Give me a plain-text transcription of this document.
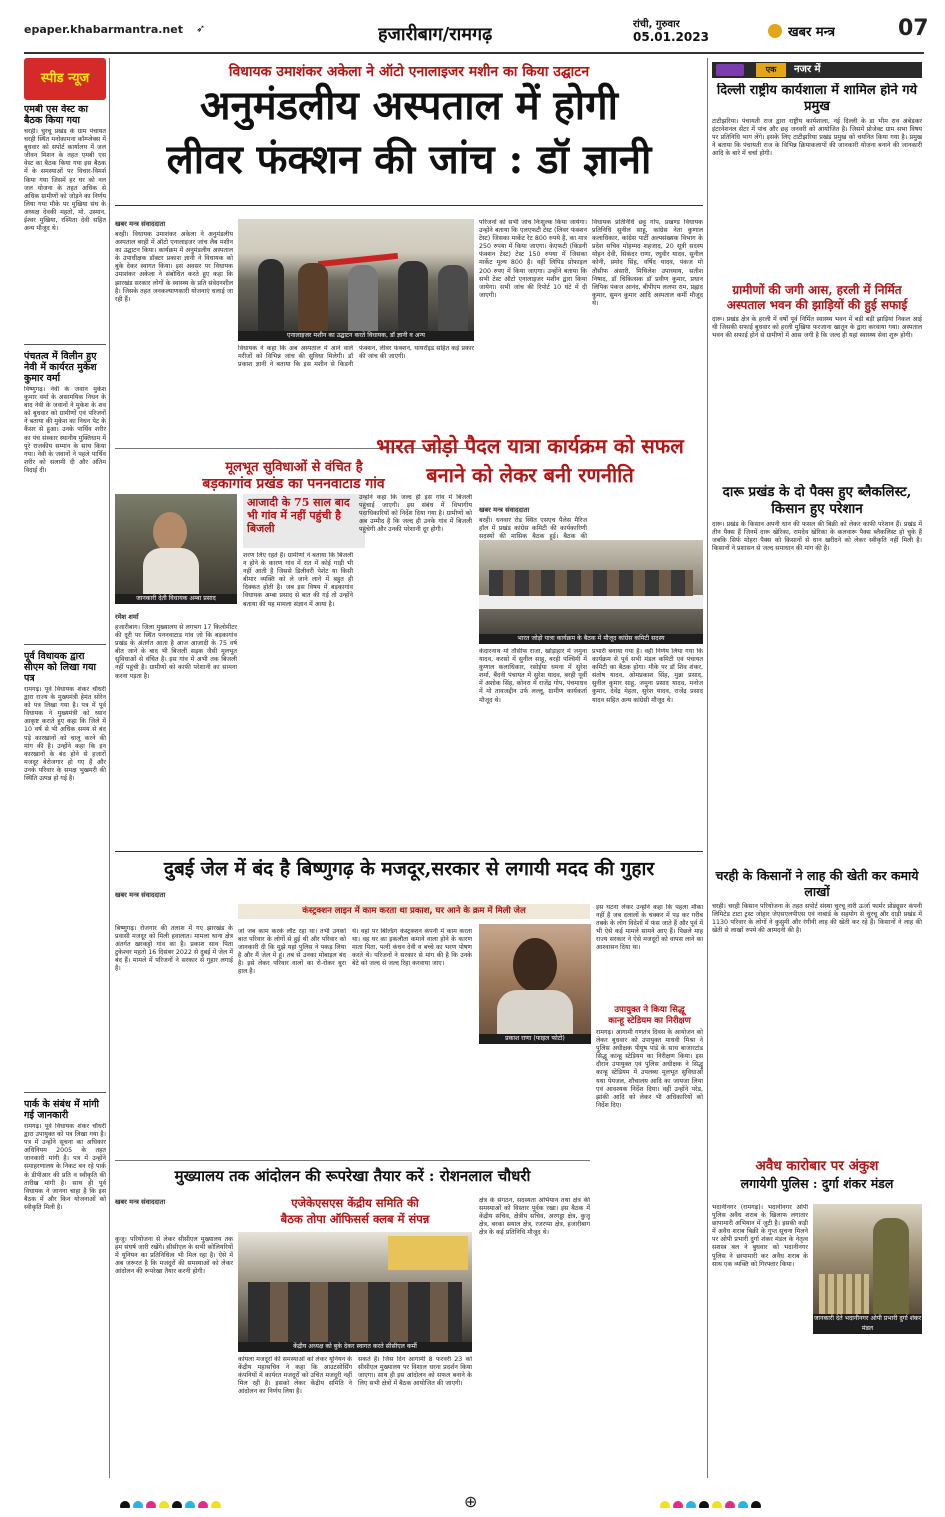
epaper.khabarmantra.net ➶	हजारीबाग/रामगढ़	रांची, गुरुवार
05.01.2023	खबर मन्त्र	07
स्पीड न्यूज
एमबी एस वेस्ट का बैठक किया गया
चरही। चुरचू प्रखंड के ग्राम पंचायत चरही स्थित मनोकामना कॉम्प्लेक्स में बुधवार को सपोर्ट कार्यालय में जल जीवन मिशन के तहत एमबी एस वेस्ट का बैठक किया गया इस बैठक में के समस्याओं पर विचार-विमर्श किया गया जिसमें हर घर को नल जल योजना के तहत अधिक से अधिक ग्रामीणों को जोड़ने का निर्णय लिया गया मौके पर मुखिया संघ के अध्यक्ष देवकी महतो, मो. उस्मान, ईश्वर मुखिया, रश्मिता देवी सहित अन्य मौजूद थे।
पंचतत्व में विलीन हुए नेवी में कार्यरत मुकेश कुमार वर्मा
विष्णुगढ़। नेवी के जवान मुकेश कुमार वर्मा के असामयिक निधन के बाद नेवी के जवानों ने मुकेश के शव को बुधवार को ग्रामीणों एवं परिजनों ने बताया की मुकेश का निधन पेट के कैंसर से हुआ। उनके पार्थिव शरीर का पंच संस्कार स्थानीय मुक्तिधाम में पूरे राजकीय सम्मान के साथ किया गया। नेवी के जवानों ने पहले पार्थिव शरीर को सलामी दी और अंतिम विदाई दी।
पूर्व विधायक द्वारा सीएम को लिखा गया पत्र
रामगढ़। पूर्व विधायक शंकर चौधरी द्वारा राज्य के मुख्यमंत्री हेमंत सोरेन को पत्र लिखा गया है। पत्र में पूर्व विधायक ने मुख्यमंत्री को ध्यान आकृष्ट कराते हुए कहा कि जिले में 10 वर्ष से भी अधिक समय से बंद पड़े कारखानों को चालू करने की मांग की है। उन्होंने कहा कि इन कारखानों के बंद होने से हजारों मजदूर बेरोजगार हो गए हैं और उनके परिवार के समक्ष भुखमरी की स्थिति उत्पन्न हो गई है।
पार्क के संबंध में मांगी गई जानकारी
रामगढ़। पूर्व विधायक शंकर चौधरी द्वारा उपायुक्त को पत्र लिखा गया है। पत्र में उन्होंने सूचना का अधिकार अधिनियम 2005 के तहत जानकारी मांगी है। पत्र में उन्होंने समाहरणालय के निकट बन रहे पार्क के डीपीआर की प्रति व स्वीकृति की तारीख मांगी है। साथ ही पूर्व विधायक ने जानना चाहा है कि इस बैठक में और किन योजनाओं को स्वीकृति मिली है।
विधायक उमाशंकर अकेला ने ऑटो एनालाइजर मशीन का किया उद्घाटन
अनुमंडलीय अस्पताल में होगी
लीवर फंक्शन की जांच : डॉ ज्ञानी
खबर मन्त्र संवाददाता
बरही। विधायक उमाशंकर अकेला ने अनुमंडलीय अस्पताल बरही में ऑटो एनालाइजर जांच लैब मशीन का उद्घाटन किया। कार्यक्रम में अनुमंडलीय अस्पताल के उपाधीक्षक डॉक्टर प्रकाश ज्ञानी ने विधायक को बुके देकर स्वागत किया। इस अवसर पर विधायक उमाशंकर अकेला ने संबोधित करते हुए कहा कि झारखंड सरकार लोगों के स्वास्थ्य के प्रति संवेदनशील है। जिसके तहत जनकल्याणकारी योजनाएं चलाई जा रही हैं।
एनालाइजर मशीन का उद्घाटन करते विधायक, डॉ ज्ञानी व अन्य
विधायक ने कहा कि अब अस्पताल में आने वाले मरीजों को विभिन्न जांच की सुविधा मिलेगी। डॉ प्रकाश ज्ञानी ने बताया कि इस मशीन से किडनी फंक्शन, लीवर फंक्शन, थायरॉइड सहित कई प्रकार की जांच की जाएगी।
परिजनों को सभी जांच निःशुल्क किया जायेगा। उन्होंने बताया कि एलएफटी टेस्ट (लिवर फंक्शन टेस्ट) जिसका मार्केट रेट 800 रुपये है, का मात्र 250 रुपया में किया जाएगा। केएफटी (किडनी फंक्शन टेस्ट) टेस्ट 150 रुपया में जिसका मार्केट मूल्य 800 है। वहीं लिपिड प्रोफाइल 200 रुपए में किया जाएगा। उन्होंने बताया कि सभी टेस्ट ऑटो एनालाइजर मशीन द्वारा किया जायेगा। सभी जांच की रिपोर्ट 10 घंटे में दी जाएगी।
विधायक प्रतिनिधि छट्टू गोप, प्रखण्ड विधायक प्रतिनिधि सुनील साहू, कांग्रेस नेता कुणाल कलाधिकार, कांग्रेस पार्टी अल्पसंख्यक विभाग के प्रदेश सचिव मोहम्मद शहजाद, 20 सूत्री सदस्य मोहन देवी, सिकंदर राणा, रघुवीर यादव, सुनील कोनी, प्रमोद सिंह, वर्षिद यादव, पंकज मो तौसीफ अंसारी, मिथिलेश उपाध्याय, सतीश निषाद, डॉ चिकित्सक डॉ प्रवीण कुमार, प्रधान लिपिक पंकज आनंद, बीपीएम ललपा राम, प्रह्लाद कुमार, सुमन कुमार आदि अस्पताल कर्मी मौजूद थे।
मूलभूत सुविधाओं से वंचित है
बड़कागांव प्रखंड का पननवाटाड गांव
जानकारी देती विधायक अम्बा प्रसाद
आजादी के 75 साल बाद भी गांव में नहीं पहुंची है बिजली
रमेश शर्मा
हजारीबाग। जिला मुख्यालय से लगभग 17 किलोमीटर की दूरी पर स्थित पननवाटाड गांव जो कि बड़कागांव प्रखंड के अंतर्गत आता है आज आजादी के 75 वर्ष बीत जाने के बाद भी बिजली सड़क जैसी मूलभूत सुविधाओं से वंचित है। इस गांव में अभी तक बिजली नहीं पहुंची है। ग्रामीणों को काफी परेशानी का सामना करना पड़ता है।
शरण लिए रहते हैं। ग्रामीणों ने बताया कि बिजली न होने के कारण गांव में रात में कोई गाड़ी भी नहीं आती है जिससे डिलीवरी पेशेंट या किसी बीमार व्यक्ति को ले जाने लाने में बहुत ही दिक्कत होती है। जब इस विषय में बड़कागांव विधायक अम्बा प्रसाद से बात की गई तो उन्होंने बताया की यह मामला संज्ञान में आया है।
उन्होंने कहा कि जल्द ही इस गांव में बिजली पहुंचाई जाएगी। इस संबंध में विभागीय पदाधिकारियों को निर्देश दिया गया है। ग्रामीणों को अब उम्मीद है कि जल्द ही उनके गांव में बिजली पहुंचेगी और उनकी परेशानी दूर होगी।
भारत जोड़ो पैदल यात्रा कार्यक्रम को सफल बनाने को लेकर बनी रणनीति
खबर मन्त्र संवाददाता
बरही। धनवार रोड स्थित एसएच पैलेस मैरिज हॉल में प्रखंड कांग्रेस कमिटी की कार्यकारिणी सदस्यों की मासिक बैठक हुई। बैठक की
भारत जोड़ो यात्रा कार्यक्रम के बैठक में मौजूद कांग्रेस कमिटी सदस्य
केदारनाथ मो तौसीफ राजा, खोड़ाहार में जमुना यादव, करसो में सुनील साहू, बरही पश्चिमी में कुणाल कलाधिकार, रसोईया धमना में सुरेश शर्मा, बैंदनी पंचायत में सुरेश यादव, बरही पूर्वी में अशोक सिंह, कोनरा में राजेंद्र गोप, पंचमाधव में मो तावजद्दीन उर्फ लल्लू, ग्रामीण कार्यकर्ता मौजूद थे।
प्रभारी बनाया गया है। वहीं निर्णय लिया गया कि कार्यक्रम से पूर्व सभी मंडल कमिटी एवं पंचायत कमिटी का बैठक होगा। मौके पर डॉ शिव शंकर, संतोष यादव, ओमप्रकाश सिंह, मुन्ना प्रसाद, सुनील कुमार साहू, जमुना प्रसाद यादव, मनोज कुमार, देवेंद्र मेहता, सुरेश यादव, राजेंद्र प्रसाद यादव सहित अन्य कांग्रेसी मौजूद थे।
दुबई जेल में बंद है बिष्णुगढ़ के मजदूर,सरकार से लगायी मदद की गुहार
खबर मन्त्र संवाददाता
बिष्णुगढ़। रोजगार की तलाश में गए झारखंड के प्रवासी मजदूर को मिली हवालात। मामला थाना क्षेत्र अंतर्गत खरकट्टो गांव का है। प्रकाश साव पिता टुकेश्वर महतो 16 दिसंबर 2022 से दुबई में जेल में बंद हैं। मामले में परिजनों ने सरकार से गुहार लगाई है।
कंस्ट्रक्शन लाइन में काम करता था प्रकाश, घर आने के क्रम में मिली जेल
जो जब काम करके लौट रहा था। तभी उनको बात परिवार के लोगों से हुई थी और परिवार को जानकारी दी कि मुझे यहां पुलिस ने पकड़ लिया है और मैं जेल में हूं। तब से उनका मोबाइल बंद है। इसे लेकर परिवार वालों का रो-रोकर बुरा हाल है।
थे। वहां पर बिल्डिंग कंस्ट्रक्शन कंपनी में काम करता था। वह घर का इकलौता कमाने वाला होने के कारण माता पिता, पत्नी कंचन देवी व बच्चे का भरण पोषण करते थे। परिजनों ने सरकार से मांग की है कि उनके बेटे को जल्द से जल्द रिहा करवाया जाए।
प्रकाश राणा (फाइल फोटो)
इस घटना लेकर उन्होंने कहा कि पहला मौका नहीं है जब दलालों के चक्कर में पड़ कर गरीब तबके के लोग विदेशों में फंस जाते हैं और पूर्व में भी ऐसे कई मामले सामने आए हैं। पिछले माह राज्य सरकार ने ऐसे मजदूरों को वापस लाने का आश्वासन दिया था।
उपायुक्त ने किया सिद्धू
कान्हू स्टेडियम का निरीक्षण
रामगढ़। आगामी गणतंत्र दिवस के आयोजन को लेकर बुधवार को उपायुक्त माधवी मिश्रा ने पुलिस अधीक्षक पीयूष पांडे के साथ बाजारटांड सिद्धू कान्हू स्टेडियम का निरीक्षण किया। इस दौरान उपायुक्त एवं पुलिस अधीक्षक ने सिद्धू कान्हू स्टेडियम में उपलब्ध मूलभूत सुविधाओं यथा पेयजल, शौचालय आदि का जायजा लिया एवं आवश्यक निर्देश दिया। वहीं उन्होंने परेड, झांकी आदि को लेकर भी अधिकारियों को निर्देश दिए।
मुख्यालय तक आंदोलन की रूपरेखा तैयार करें : रोशनलाल चौधरी
खबर मन्त्र संवाददाता
कुजू। परियोजना से लेकर सीसीएल मुख्यालय तक हम संघर्ष जारी रखेंगे। सीसीएल के सभी कोलियरियों में यूनियन का प्रतिनिधित्व भी मिल रहा है। ऐसे में अब जरूरत है कि मजदूरों की समस्याओं को लेकर आंदोलन की रूपरेखा तैयार करनी होगी।
एजेकेएसएस केंद्रीय समिति की
बैठक तोपा ऑफिसर्स क्लब में संपन्न
केंद्रीय अध्यक्ष को बुके देकर स्वागत करते सीसीएल कर्मी
कोयला मजदूरों की समस्याओं को लेकर यूनियन के केंद्रीय महासचिव ने कहा कि आउटसोर्सिंग कंपनियों में कार्यरत मजदूरों को उचित मजदूरी नहीं मिल रही है। इसको लेकर केंद्रीय समिति ने आंदोलन का निर्णय लिया है।
सकते हैं। जिस दिन आगामी 8 फरवरी 23 को सीसीएल मुख्यालय पर विशाल धरना प्रदर्शन किया जाएगा। साथ ही इस आंदोलन को सफल बनाने के लिए सभी क्षेत्रों में बैठक आयोजित की जाएगी।
क्षेत्र के संगठन, सदस्यता अभियान तथा क्षेत्र की समस्याओं को विस्तार पूर्वक रखा। इस बैठक में केंद्रीय सचिव, क्षेत्रीय सचिव, अरगड्डा क्षेत्र, कुजू क्षेत्र, बरका सयाल क्षेत्र, रजरप्पा क्षेत्र, हजारीबाग क्षेत्र के कई प्रतिनिधि मौजूद थे।
एक	नजर में
दिल्ली राष्ट्रीय कार्यशाला में शामिल होने गये प्रमुख
टाटीझरिया। पंचायती राज द्वारा राष्ट्रीय कार्यशाला, नई दिल्ली के डा भीम राव अंबेडकर इंटरनेशनल सेंटर में पांच और छह जनवरी को आयोजित है। जिसमें प्रोजेक्ट ग्राम सभा विषय पर प्रतिनिधि भाग लेंगे। इसके लिए टाटीझरिया प्रखंड प्रमुख को चयनित किया गया है। प्रमुख ने बताया कि पंचायती राज के विभिन्न क्रियाकलापों की जानकारी योजना बनाने की जानकारी आदि के बारे में चर्चा होगी।
ग्रामीणों की जगी आस, हरली में निर्मित अस्पताल भवन की झाड़ियों की हुई सफाई
दारू। प्रखंड क्षेत्र के हरली में वर्षों पूर्व निर्मित स्वास्थ्य भवन में बड़ी बड़ी झाड़ियां निकल आई थी जिसकी सफाई बुधवार को हरली मुखिया फरजाना खातून के द्वारा करवाया गया। अस्पताल भवन की सफाई होने से ग्रामीणों में आस जगी है कि जल्द ही यहां स्वास्थ्य सेवा शुरू होगी।
दारू प्रखंड के दो पैक्स हुए ब्लैकलिस्ट, किसान हुए परेशान
दारू। प्रखंड के किसान अपनी धान की फसल की बिक्री को लेकर काफी परेशान हैं। प्रखंड में तीन पैक्स हैं जिनमें दारू खेरिका, रामदेव खेरिका के कलवारू पैक्स ब्लैकलिस्ट हो चुके हैं जबकि सिर्फ मोहरा पैक्स को किसानों से धान खरीदने को लेकर स्वीकृति नहीं मिली है। किसानों ने प्रशासन से जल्द समाधान की मांग की है।
चरही के किसानों ने लाह की खेती कर कमाये लाखों
चरही। चरही किसान परियोजना के तहत सपोर्ट संस्था चुरचू नारी ऊर्जा फार्मर प्रोड्यूसर कंपनी लिमिटेड टाटा ट्रस्ट जोहार जेएसएलपीएस एवं नाबार्ड के सहयोग से चुरचू और दाड़ी प्रखंड में 1130 परिवार के लोगों ने कुसुमी और रंगीनी लाह की खेती कर रहे हैं। किसानों ने लाह की खेती से लाखों रुपये की आमदनी की है।
अवैध कारोबार पर अंकुश
लगायेगी पुलिस : दुर्गा शंकर मंडल
भदानीनगर (रामगढ़)। भदानीनगर ओपी पुलिस अवैध शराब के खिलाफ लगातार छापामारी अभियान में जुटी है। इसकी कड़ी में अवैध शराब बिक्री के गुप्त सूचना मिलने पर ओपी प्रभारी दुर्गा शंकर मंडल के नेतृत्व सशस्त्र बल ने बुधवार को भदानीनगर पुलिस ने छापामारी कर अवैध शराब के साथ एक व्यक्ति को गिरफ्तार किया।
जानकारी देते भदानीनगर ओपी प्रभारी दुर्गा शंकर मंडल
⊕
